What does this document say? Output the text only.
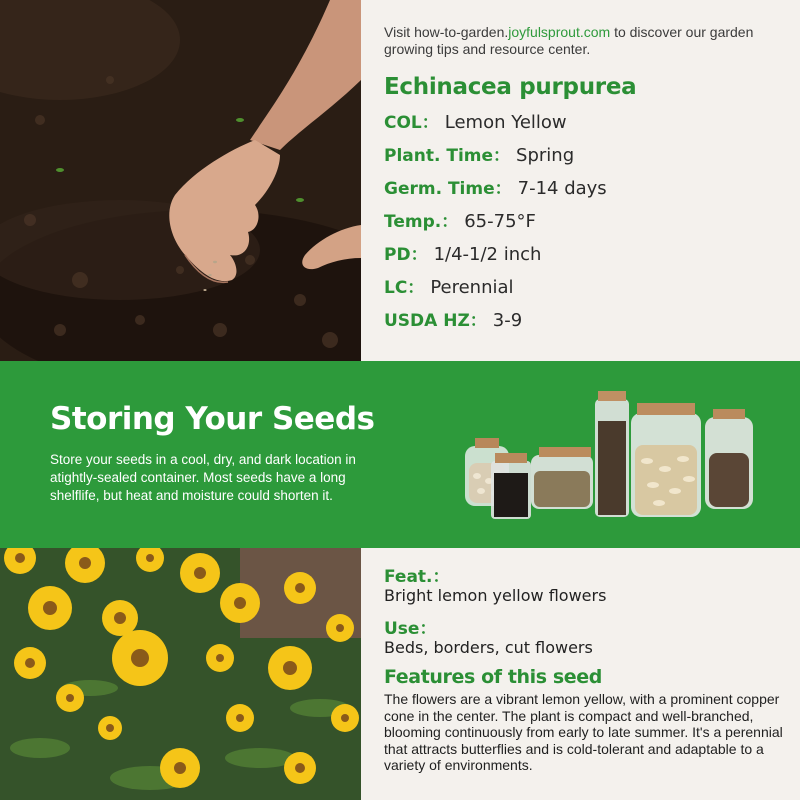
Visit how-to-garden.joyfulsprout.com to discover our garden growing tips and resource center.

Echinacea purpurea
COL： Lemon Yellow
Plant. Time： Spring
Germ. Time： 7-14 days
Temp.： 65-75°F
PD： 1/4-1/2 inch
LC： Perennial
USDA HZ： 3-9
Storing Your Seeds

Store your seeds in a cool, dry, and dark location in atightly-sealed container. Most seeds have a long shelflife, but heat and moisture could shorten it.

Feat.：
Bright lemon yellow flowers
Use：
Beds, borders, cut flowers
Features of this seed

The flowers are a vibrant lemon yellow, with a prominent copper cone in the center. The plant is compact and well-branched, blooming continuously from early to late summer. It's a perennial that attracts butterflies and is cold-tolerant and adaptable to a variety of environments.
